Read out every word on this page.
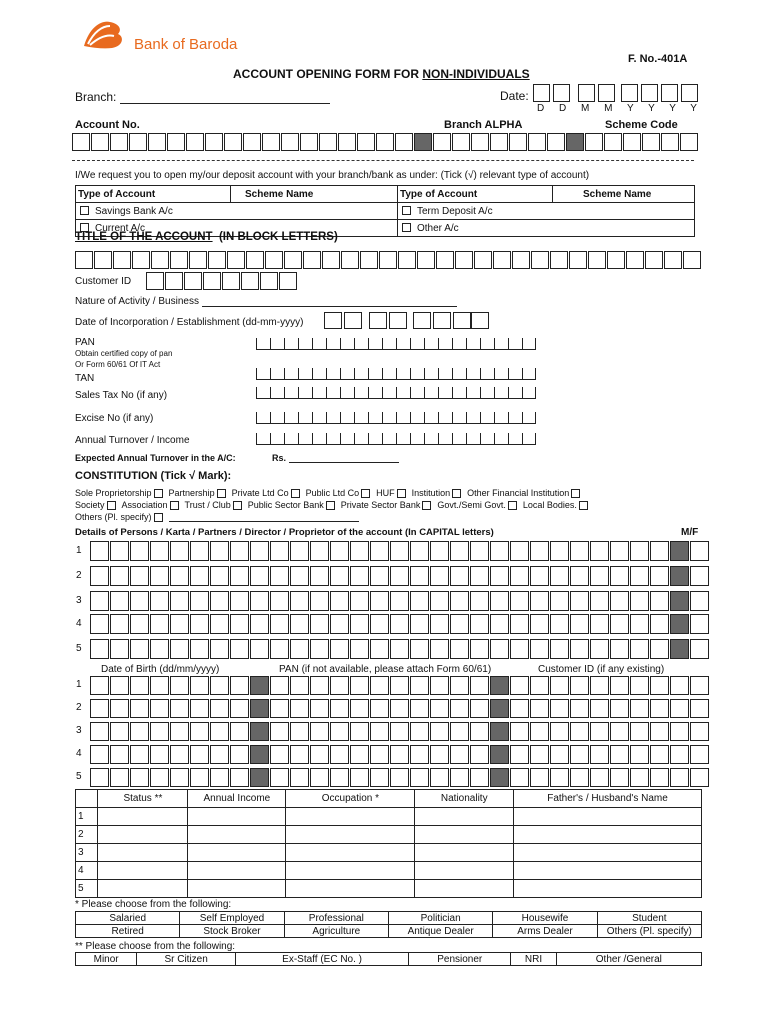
Bank of Baroda
F. No.-401A
ACCOUNT OPENING FORM FOR NON-INDIVIDUALS
Branch:	Date:
D D M M Y Y Y Y
Account No.	Branch ALPHA	Scheme Code
I/We request you to open my/our deposit account with your branch/bank as under: (Tick (√) relevant type of account)
Type of Account	Scheme Name	Type of Account	Scheme Name
Savings Bank A/c		Term Deposit A/c	
Current A/c		Other A/c	
TITLE OF THE ACCOUNT (IN BLOCK LETTERS)
Customer ID
Nature of Activity / Business
Date of Incorporation / Establishment (dd-mm-yyyy)
PAN
Obtain certified copy of pan
Or Form 60/61 Of IT Act
TAN
Sales Tax No (if any)
Excise No (if any)
Annual Turnover / Income
Expected Annual Turnover in the A/C:	Rs.
CONSTITUTION (Tick √ Mark):
Sole Proprietorship Partnership Private Ltd Co Public Ltd Co HUF Institution Other Financial Institution
Society Association Trust / Club Public Sector Bank Private Sector Bank Govt./Semi Govt. Local Bodies.
Others (Pl. specify)
Details of Persons / Karta / Partners / Director / Proprietor of the account (In CAPITAL letters)	M/F
1
2
3
4
5
Date of Birth (dd/mm/yyyy)	PAN (if not available, please attach Form 60/61)	Customer ID (if any existing)
1
2
3
4
5
	Status **	Annual Income	Occupation *	Nationality	Father's / Husband's Name
1					
2					
3					
4					
5					
* Please choose from the following:
Salaried	Self Employed	Professional	Politician	Housewife	Student
Retired	Stock Broker	Agriculture	Antique Dealer	Arms Dealer	Others (Pl. specify)
** Please choose from the following:
Minor	Sr Citizen	Ex-Staff (EC No. )	Pensioner	NRI	Other /General
